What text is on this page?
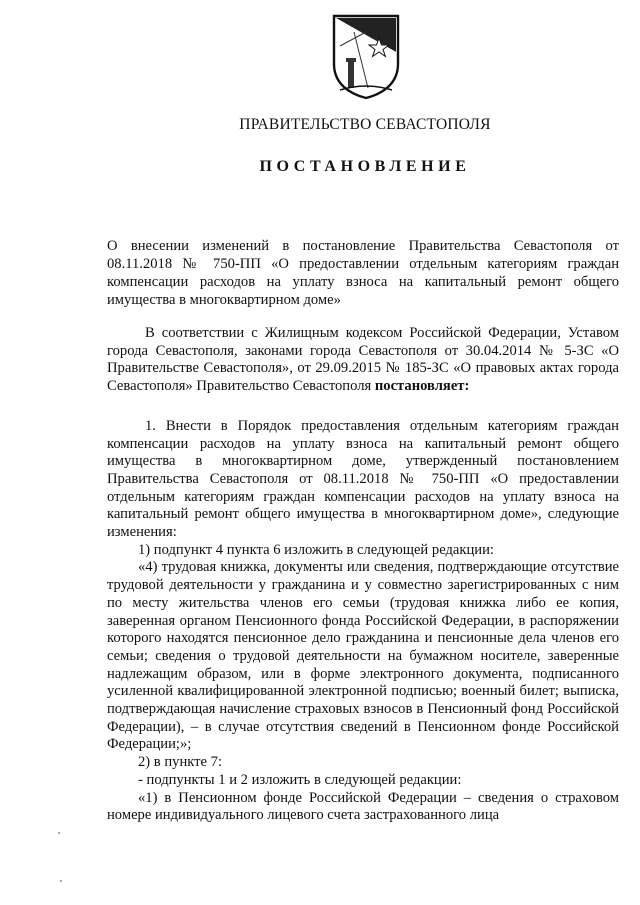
ПРАВИТЕЛЬСТВО СЕВАСТОПОЛЯ
ПОСТАНОВЛЕНИЕ
О внесении изменений в постановление Правительства Севастополя от 08.11.2018 № 750-ПП «О предоставлении отдельным категориям граждан компенсации расходов на уплату взноса на капитальный ремонт общего имущества в многоквартирном доме»

В соответствии с Жилищным кодексом Российской Федерации, Уставом города Севастополя, законами города Севастополя от 30.04.2014 № 5-ЗС «О Правительстве Севастополя», от 29.09.2015 № 185-ЗС «О правовых актах города Севастополя» Правительство Севастополя постановляет:

1. Внести в Порядок предоставления отдельным категориям граждан компенсации расходов на уплату взноса на капитальный ремонт общего имущества в многоквартирном доме, утвержденный постановлением Правительства Севастополя от 08.11.2018 № 750-ПП «О предоставлении отдельным категориям граждан компенсации расходов на уплату взноса на капитальный ремонт общего имущества в многоквартирном доме», следующие изменения:

1) подпункт 4 пункта 6 изложить в следующей редакции:

«4) трудовая книжка, документы или сведения, подтверждающие отсутствие трудовой деятельности у гражданина и у совместно зарегистрированных с ним по месту жительства членов его семьи (трудовая книжка либо ее копия, заверенная органом Пенсионного фонда Российской Федерации, в распоряжении которого находятся пенсионное дело гражданина и пенсионные дела членов его семьи; сведения о трудовой деятельности на бумажном носителе, заверенные надлежащим образом, или в форме электронного документа, подписанного усиленной квалифицированной электронной подписью; военный билет; выписка, подтверждающая начисление страховых взносов в Пенсионный фонд Российской Федерации), – в случае отсутствия сведений в Пенсионном фонде Российской Федерации;»;

2) в пункте 7:

- подпункты 1 и 2 изложить в следующей редакции:

«1) в Пенсионном фонде Российской Федерации – сведения о страховом номере индивидуального лицевого счета застрахованного лица
